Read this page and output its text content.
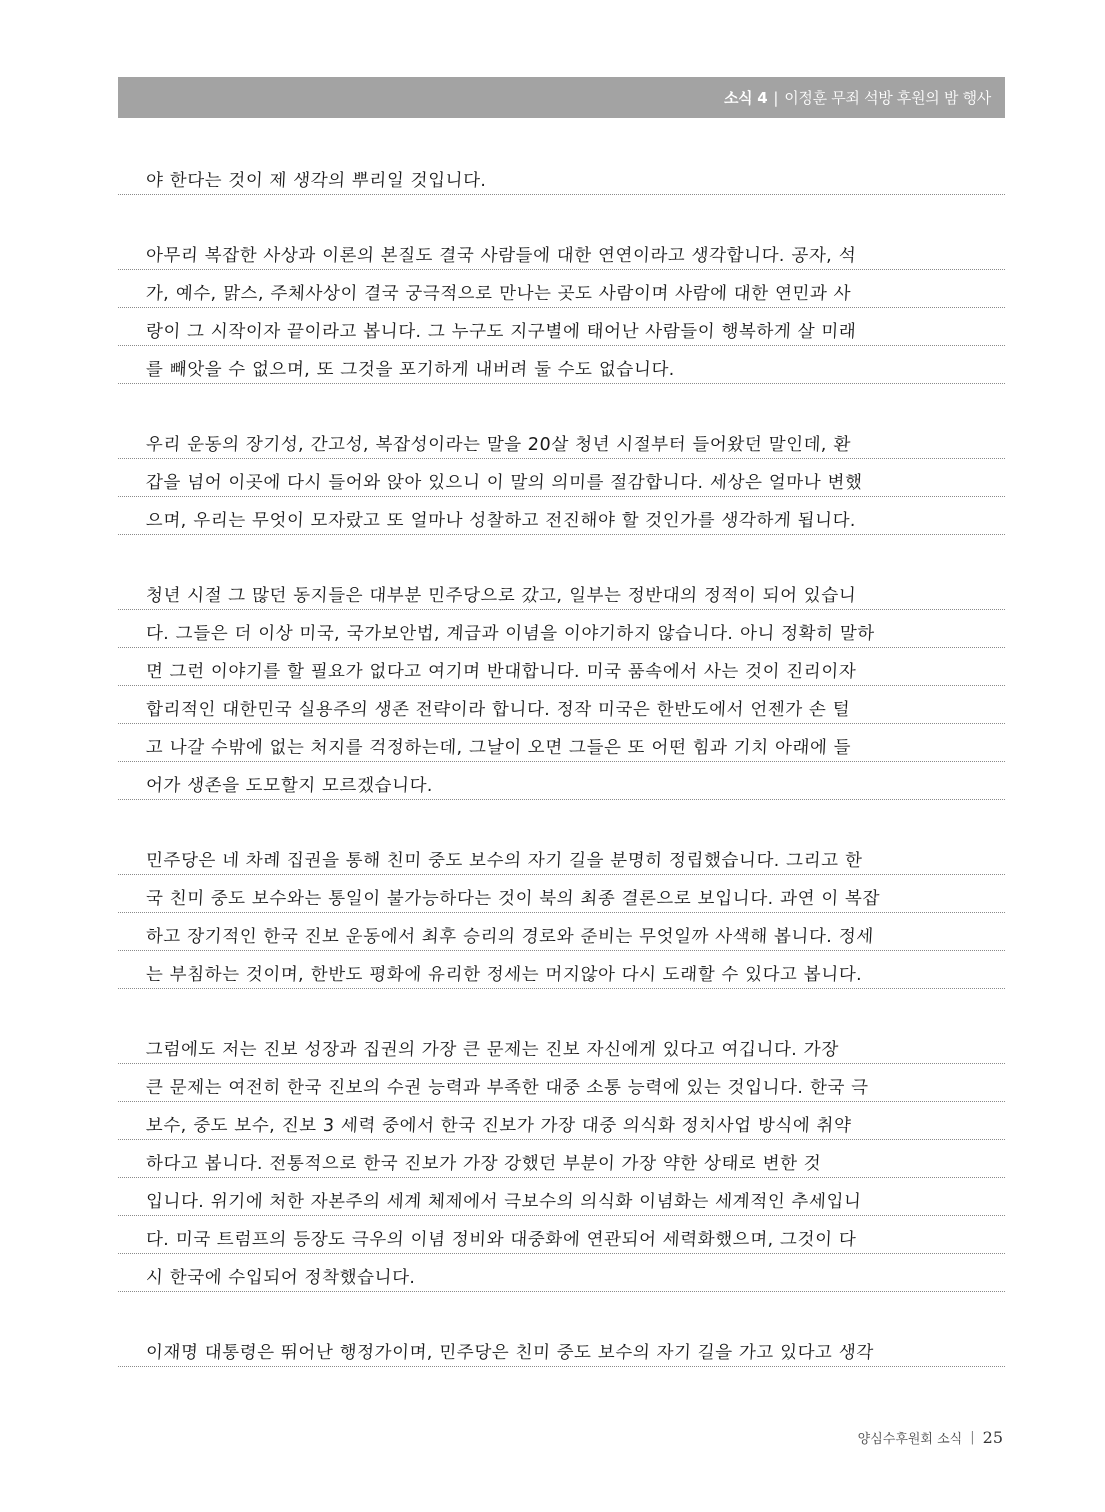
소식 4 | 이정훈 무죄 석방 후원의 밤 행사
야 한다는 것이 제 생각의 뿌리일 것입니다.
아무리 복잡한 사상과 이론의 본질도 결국 사람들에 대한 연연이라고 생각합니다. 공자, 석
가, 예수, 맑스, 주체사상이 결국 궁극적으로 만나는 곳도 사람이며 사람에 대한 연민과 사
랑이 그 시작이자 끝이라고 봅니다. 그 누구도 지구별에 태어난 사람들이 행복하게 살 미래
를 빼앗을 수 없으며, 또 그것을 포기하게 내버려 둘 수도 없습니다.
우리 운동의 장기성, 간고성, 복잡성이라는 말을 20살 청년 시절부터 들어왔던 말인데, 환
갑을 넘어 이곳에 다시 들어와 앉아 있으니 이 말의 의미를 절감합니다. 세상은 얼마나 변했
으며, 우리는 무엇이 모자랐고 또 얼마나 성찰하고 전진해야 할 것인가를 생각하게 됩니다.
청년 시절 그 많던 동지들은 대부분 민주당으로 갔고, 일부는 정반대의 정적이 되어 있습니
다. 그들은 더 이상 미국, 국가보안법, 계급과 이념을 이야기하지 않습니다. 아니 정확히 말하
면 그런 이야기를 할 필요가 없다고 여기며 반대합니다. 미국 품속에서 사는 것이 진리이자
합리적인 대한민국 실용주의 생존 전략이라 합니다. 정작 미국은 한반도에서 언젠가 손 털
고 나갈 수밖에 없는 처지를 걱정하는데, 그날이 오면 그들은 또 어떤 힘과 기치 아래에 들
어가 생존을 도모할지 모르겠습니다.
민주당은 네 차례 집권을 통해 친미 중도 보수의 자기 길을 분명히 정립했습니다. 그리고 한
국 친미 중도 보수와는 통일이 불가능하다는 것이 북의 최종 결론으로 보입니다. 과연 이 복잡
하고 장기적인 한국 진보 운동에서 최후 승리의 경로와 준비는 무엇일까 사색해 봅니다. 정세
는 부침하는 것이며, 한반도 평화에 유리한 정세는 머지않아 다시 도래할 수 있다고 봅니다.
그럼에도 저는 진보 성장과 집권의 가장 큰 문제는 진보 자신에게 있다고 여깁니다. 가장
큰 문제는 여전히 한국 진보의 수권 능력과 부족한 대중 소통 능력에 있는 것입니다. 한국 극
보수, 중도 보수, 진보 3 세력 중에서 한국 진보가 가장 대중 의식화 정치사업 방식에 취약
하다고 봅니다. 전통적으로 한국 진보가 가장 강했던 부분이 가장 약한 상태로 변한 것
입니다. 위기에 처한 자본주의 세계 체제에서 극보수의 의식화 이념화는 세계적인 추세입니
다. 미국 트럼프의 등장도 극우의 이념 정비와 대중화에 연관되어 세력화했으며, 그것이 다
시 한국에 수입되어 정착했습니다.
이재명 대통령은 뛰어난 행정가이며, 민주당은 친미 중도 보수의 자기 길을 가고 있다고 생각
양심수후원회 소식 | 25
